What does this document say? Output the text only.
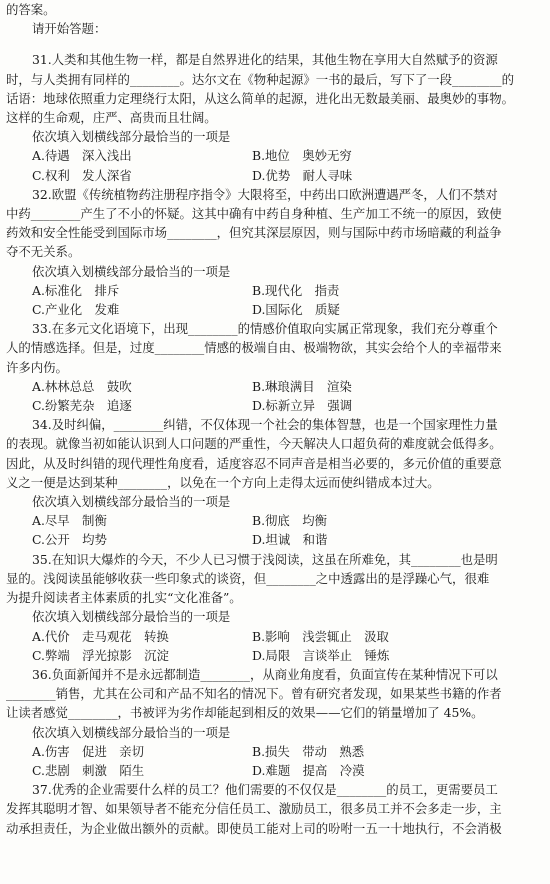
的答案。
请开始答题：
31.人类和其他生物一样，都是自然界进化的结果，其他生物在享用大自然赋予的资源
时，与人类拥有同样的________。达尔文在《物种起源》一书的最后，写下了一段________的
话语：地球依照重力定理绕行太阳，从这么简单的起源，进化出无数最美丽、最奥妙的事物。
这样的生命观，庄严、高贵而且壮阔。
依次填入划横线部分最恰当的一项是
A.待遇　深入浅出	B.地位　奥妙无穷
C.权利　发人深省	D.优势　耐人寻味
32.欧盟《传统植物药注册程序指令》大限将至，中药出口欧洲遭遇严冬，人们不禁对
中药________产生了不小的怀疑。这其中确有中药自身种植、生产加工不统一的原因，致使
药效和安全性能受到国际市场________，但究其深层原因，则与国际中药市场暗藏的利益争
夺不无关系。
依次填入划横线部分最恰当的一项是
A.标准化　排斥	B.现代化　指责
C.产业化　发难	D.国际化　质疑
33.在多元文化语境下，出现________的情感价值取向实属正常现象，我们充分尊重个
人的情感选择。但是，过度________情感的极端自由、极端物欲，其实会给个人的幸福带来
许多内伤。
A.林林总总　鼓吹	B.琳琅满目　渲染
C.纷繁芜杂　追逐	D.标新立异　强调
34.及时纠偏，________纠错，不仅体现一个社会的集体智慧，也是一个国家理性力量
的表现。就像当初如能认识到人口问题的严重性，今天解决人口超负荷的难度就会低得多。
因此，从及时纠错的现代理性角度看，适度容忍不同声音是相当必要的，多元价值的重要意
义之一便是达到某种________，以免在一个方向上走得太远而使纠错成本过大。
依次填入划横线部分最恰当的一项是
A.尽早　制衡	B.彻底　均衡
C.公开　均势	D.坦诚　和谐
35.在知识大爆炸的今天，不少人已习惯于浅阅读，这虽在所难免，其________也是明
显的。浅阅读虽能够收获一些印象式的谈资，但________之中透露出的是浮躁心气，很难
为提升阅读者主体素质的扎实“文化准备”。
依次填入划横线部分最恰当的一项是
A.代价　走马观花　转换	B.影响　浅尝辄止　汲取
C.弊端　浮光掠影　沉淀	D.局限　言谈举止　锤炼
36.负面新闻并不是永远都制造________，从商业角度看，负面宣传在某种情况下可以
________销售，尤其在公司和产品不知名的情况下。曾有研究者发现，如果某些书籍的作者
让读者感觉________，书被评为劣作却能起到相反的效果——它们的销量增加了 45%。
依次填入划横线部分最恰当的一项是
A.伤害　促进　亲切	B.损失　带动　熟悉
C.悲剧　刺激　陌生	D.难题　提高　冷漠
37.优秀的企业需要什么样的员工？他们需要的不仅仅是________的员工，更需要员工
发挥其聪明才智、如果领导者不能充分信任员工、激励员工，很多员工并不会多走一步，主
动承担责任，为企业做出额外的贡献。即使员工能对上司的吩咐一五一十地执行，不会消极
